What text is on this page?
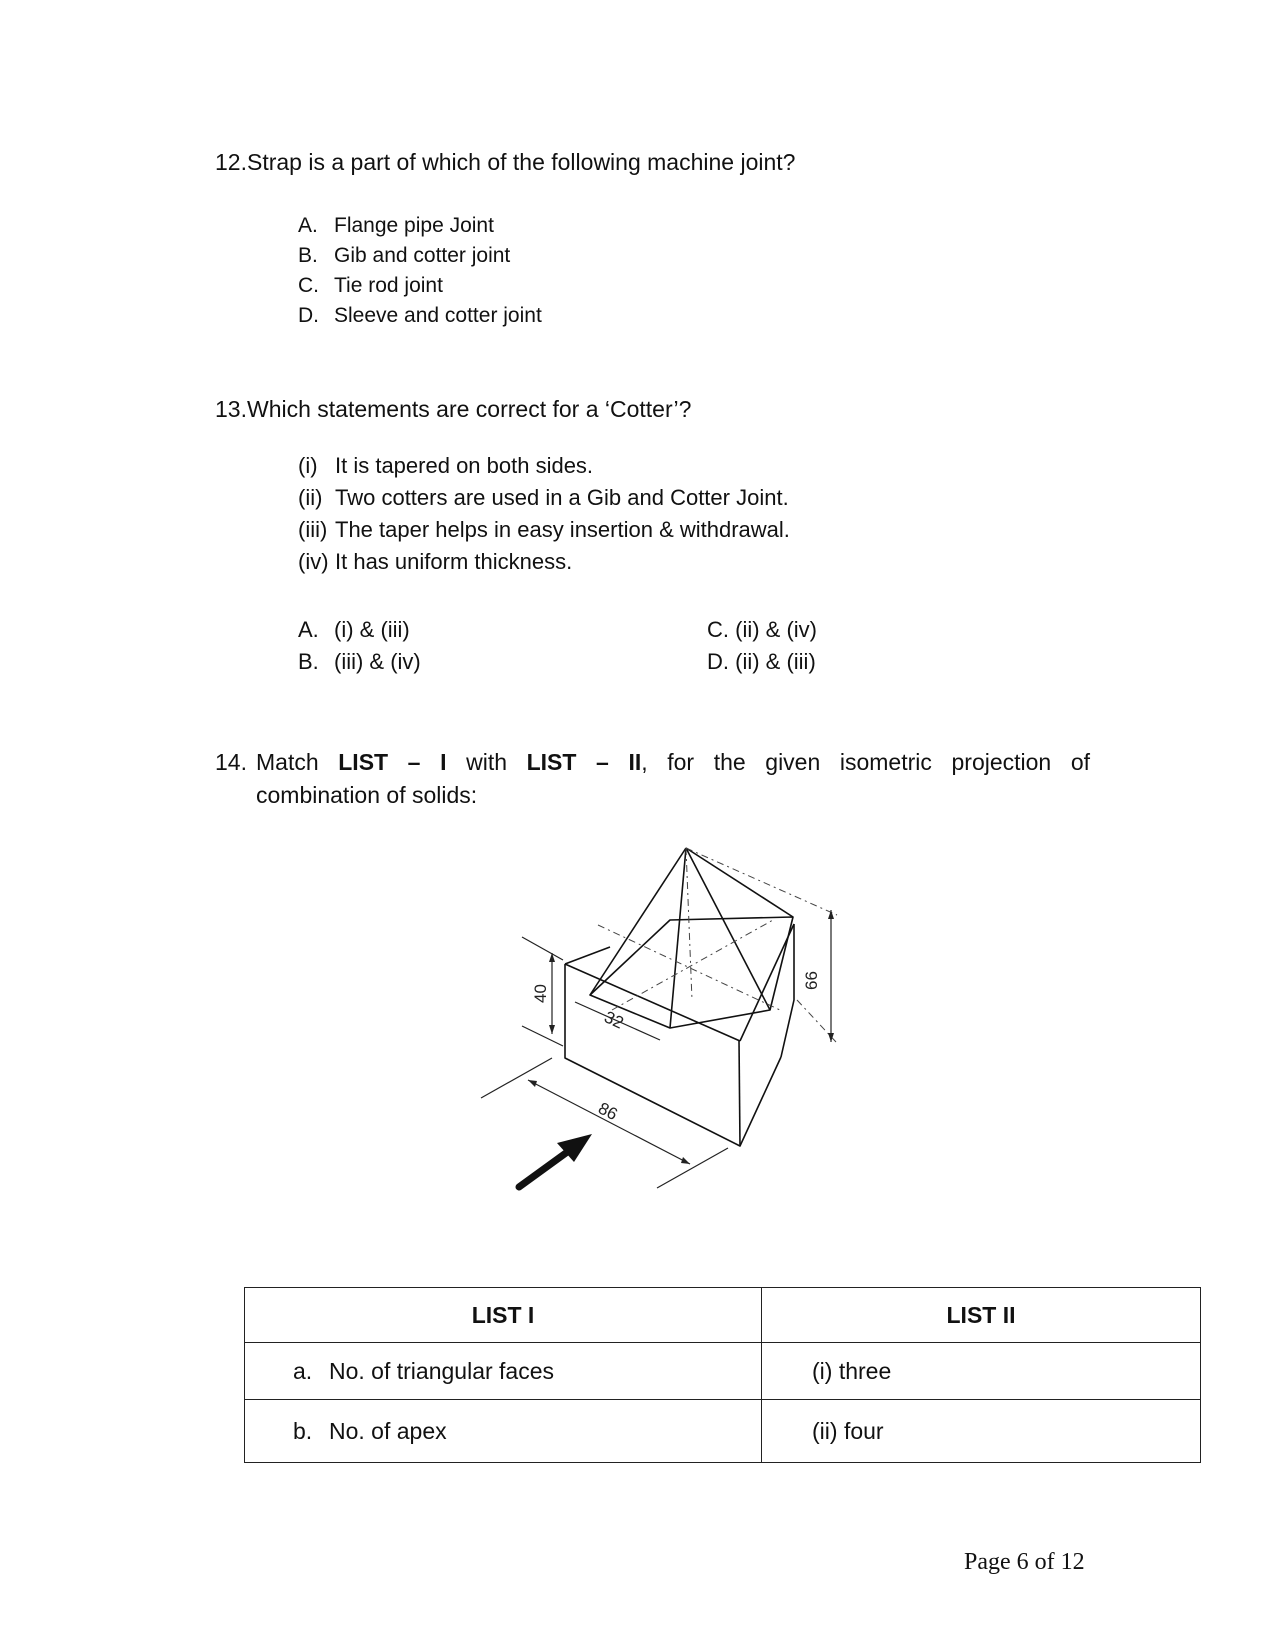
12.Strap is a part of which of the following machine joint?
A. Flange pipe Joint
B. Gib and cotter joint
C. Tie rod joint
D. Sleeve and cotter joint
13.Which statements are correct for a ‘Cotter’?
(i) It is tapered on both sides.
(ii) Two cotters are used in a Gib and Cotter Joint.
(iii) The taper helps in easy insertion & withdrawal.
(iv) It has uniform thickness.
A. (i) & (iii)
B. (iii) & (iv)
C. (ii) & (iv)
D. (ii) & (iii)
14. Match LIST – I with LIST – II, for the given isometric projection of
combination of solids:
40
32
86
66
LIST I	LIST II
a. No. of triangular faces	(i) three
b. No. of apex	(ii) four
Page 6 of 12
